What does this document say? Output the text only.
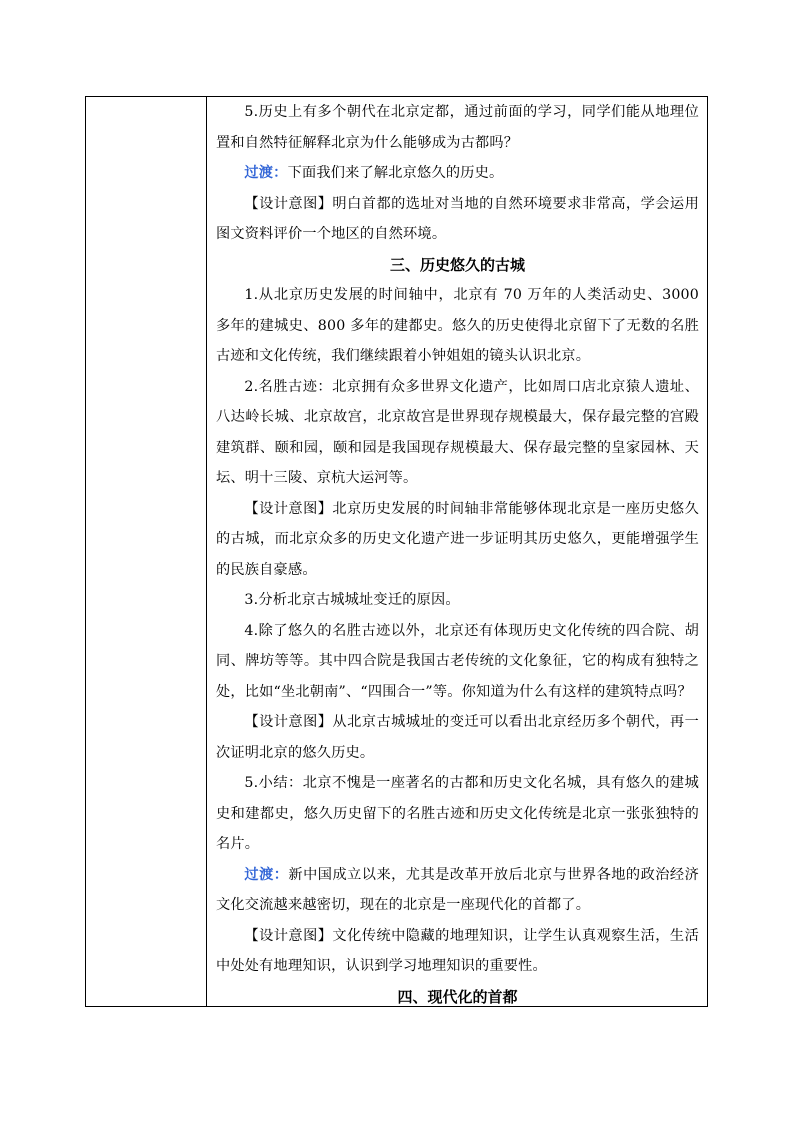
5.历史上有多个朝代在北京定都，通过前面的学习，同学们能从地理位置和自然特征解释北京为什么能够成为古都吗？

过渡：下面我们来了解北京悠久的历史。

【设计意图】明白首都的选址对当地的自然环境要求非常高，学会运用图文资料评价一个地区的自然环境。

三、历史悠久的古城

1.从北京历史发展的时间轴中，北京有 70 万年的人类活动史、3000 多年的建城史、800 多年的建都史。悠久的历史使得北京留下了无数的名胜古迹和文化传统，我们继续跟着小钟姐姐的镜头认识北京。

2.名胜古迹：北京拥有众多世界文化遗产，比如周口店北京猿人遗址、八达岭长城、北京故宫，北京故宫是世界现存规模最大，保存最完整的宫殿建筑群、颐和园，颐和园是我国现存规模最大、保存最完整的皇家园林、天坛、明十三陵、京杭大运河等。

【设计意图】北京历史发展的时间轴非常能够体现北京是一座历史悠久的古城，而北京众多的历史文化遗产进一步证明其历史悠久，更能增强学生的民族自豪感。

3.分析北京古城城址变迁的原因。

4.除了悠久的名胜古迹以外，北京还有体现历史文化传统的四合院、胡同、牌坊等等。其中四合院是我国古老传统的文化象征，它的构成有独特之处，比如“坐北朝南”、“四围合一”等。你知道为什么有这样的建筑特点吗？

【设计意图】从北京古城城址的变迁可以看出北京经历多个朝代，再一次证明北京的悠久历史。

5.小结：北京不愧是一座著名的古都和历史文化名城，具有悠久的建城史和建都史，悠久历史留下的名胜古迹和历史文化传统是北京一张张独特的名片。

过渡：新中国成立以来，尤其是改革开放后北京与世界各地的政治经济文化交流越来越密切，现在的北京是一座现代化的首都了。

【设计意图】文化传统中隐藏的地理知识，让学生认真观察生活，生活中处处有地理知识，认识到学习地理知识的重要性。

四、现代化的首都
